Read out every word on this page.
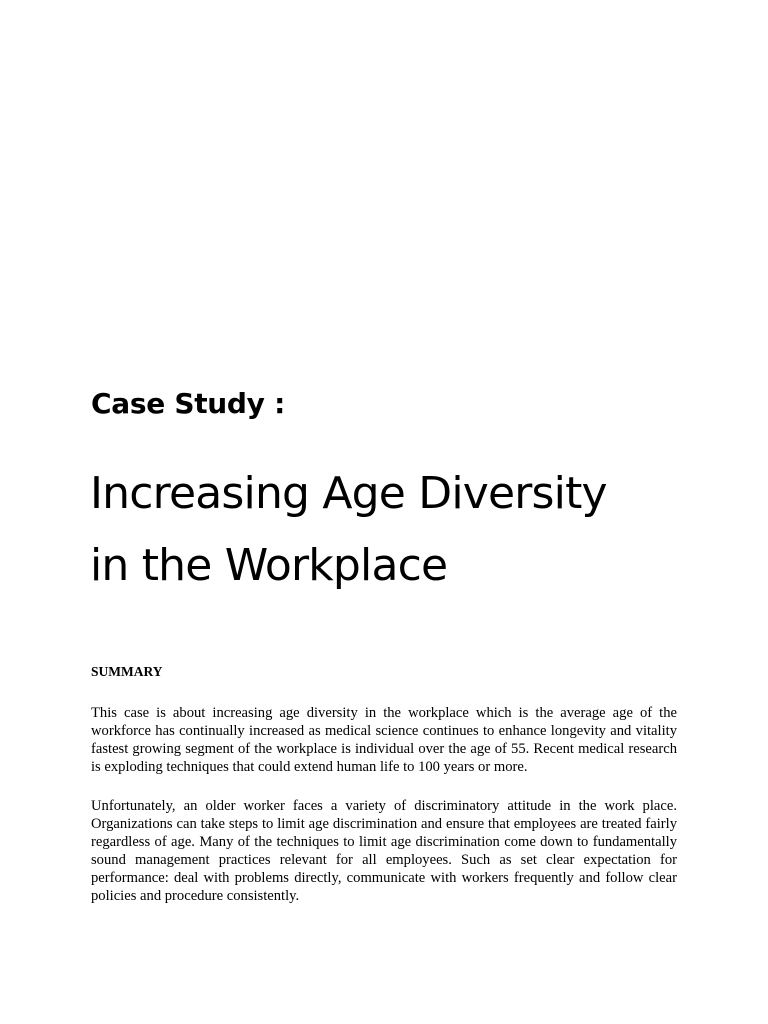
Case Study :
Increasing Age Diversity
in the Workplace
SUMMARY

This case is about increasing age diversity in the workplace which is the average age of the workforce has continually increased as medical science continues to enhance longevity and vitality fastest growing segment of the workplace is individual over the age of 55. Recent medical research is exploding techniques that could extend human life to 100 years or more.

Unfortunately, an older worker faces a variety of discriminatory attitude in the work place. Organizations can take steps to limit age discrimination and ensure that employees are treated fairly regardless of age. Many of the techniques to limit age discrimination come down to fundamentally sound management practices relevant for all employees. Such as set clear expectation for performance: deal with problems directly, communicate with workers frequently and follow clear policies and procedure consistently.
